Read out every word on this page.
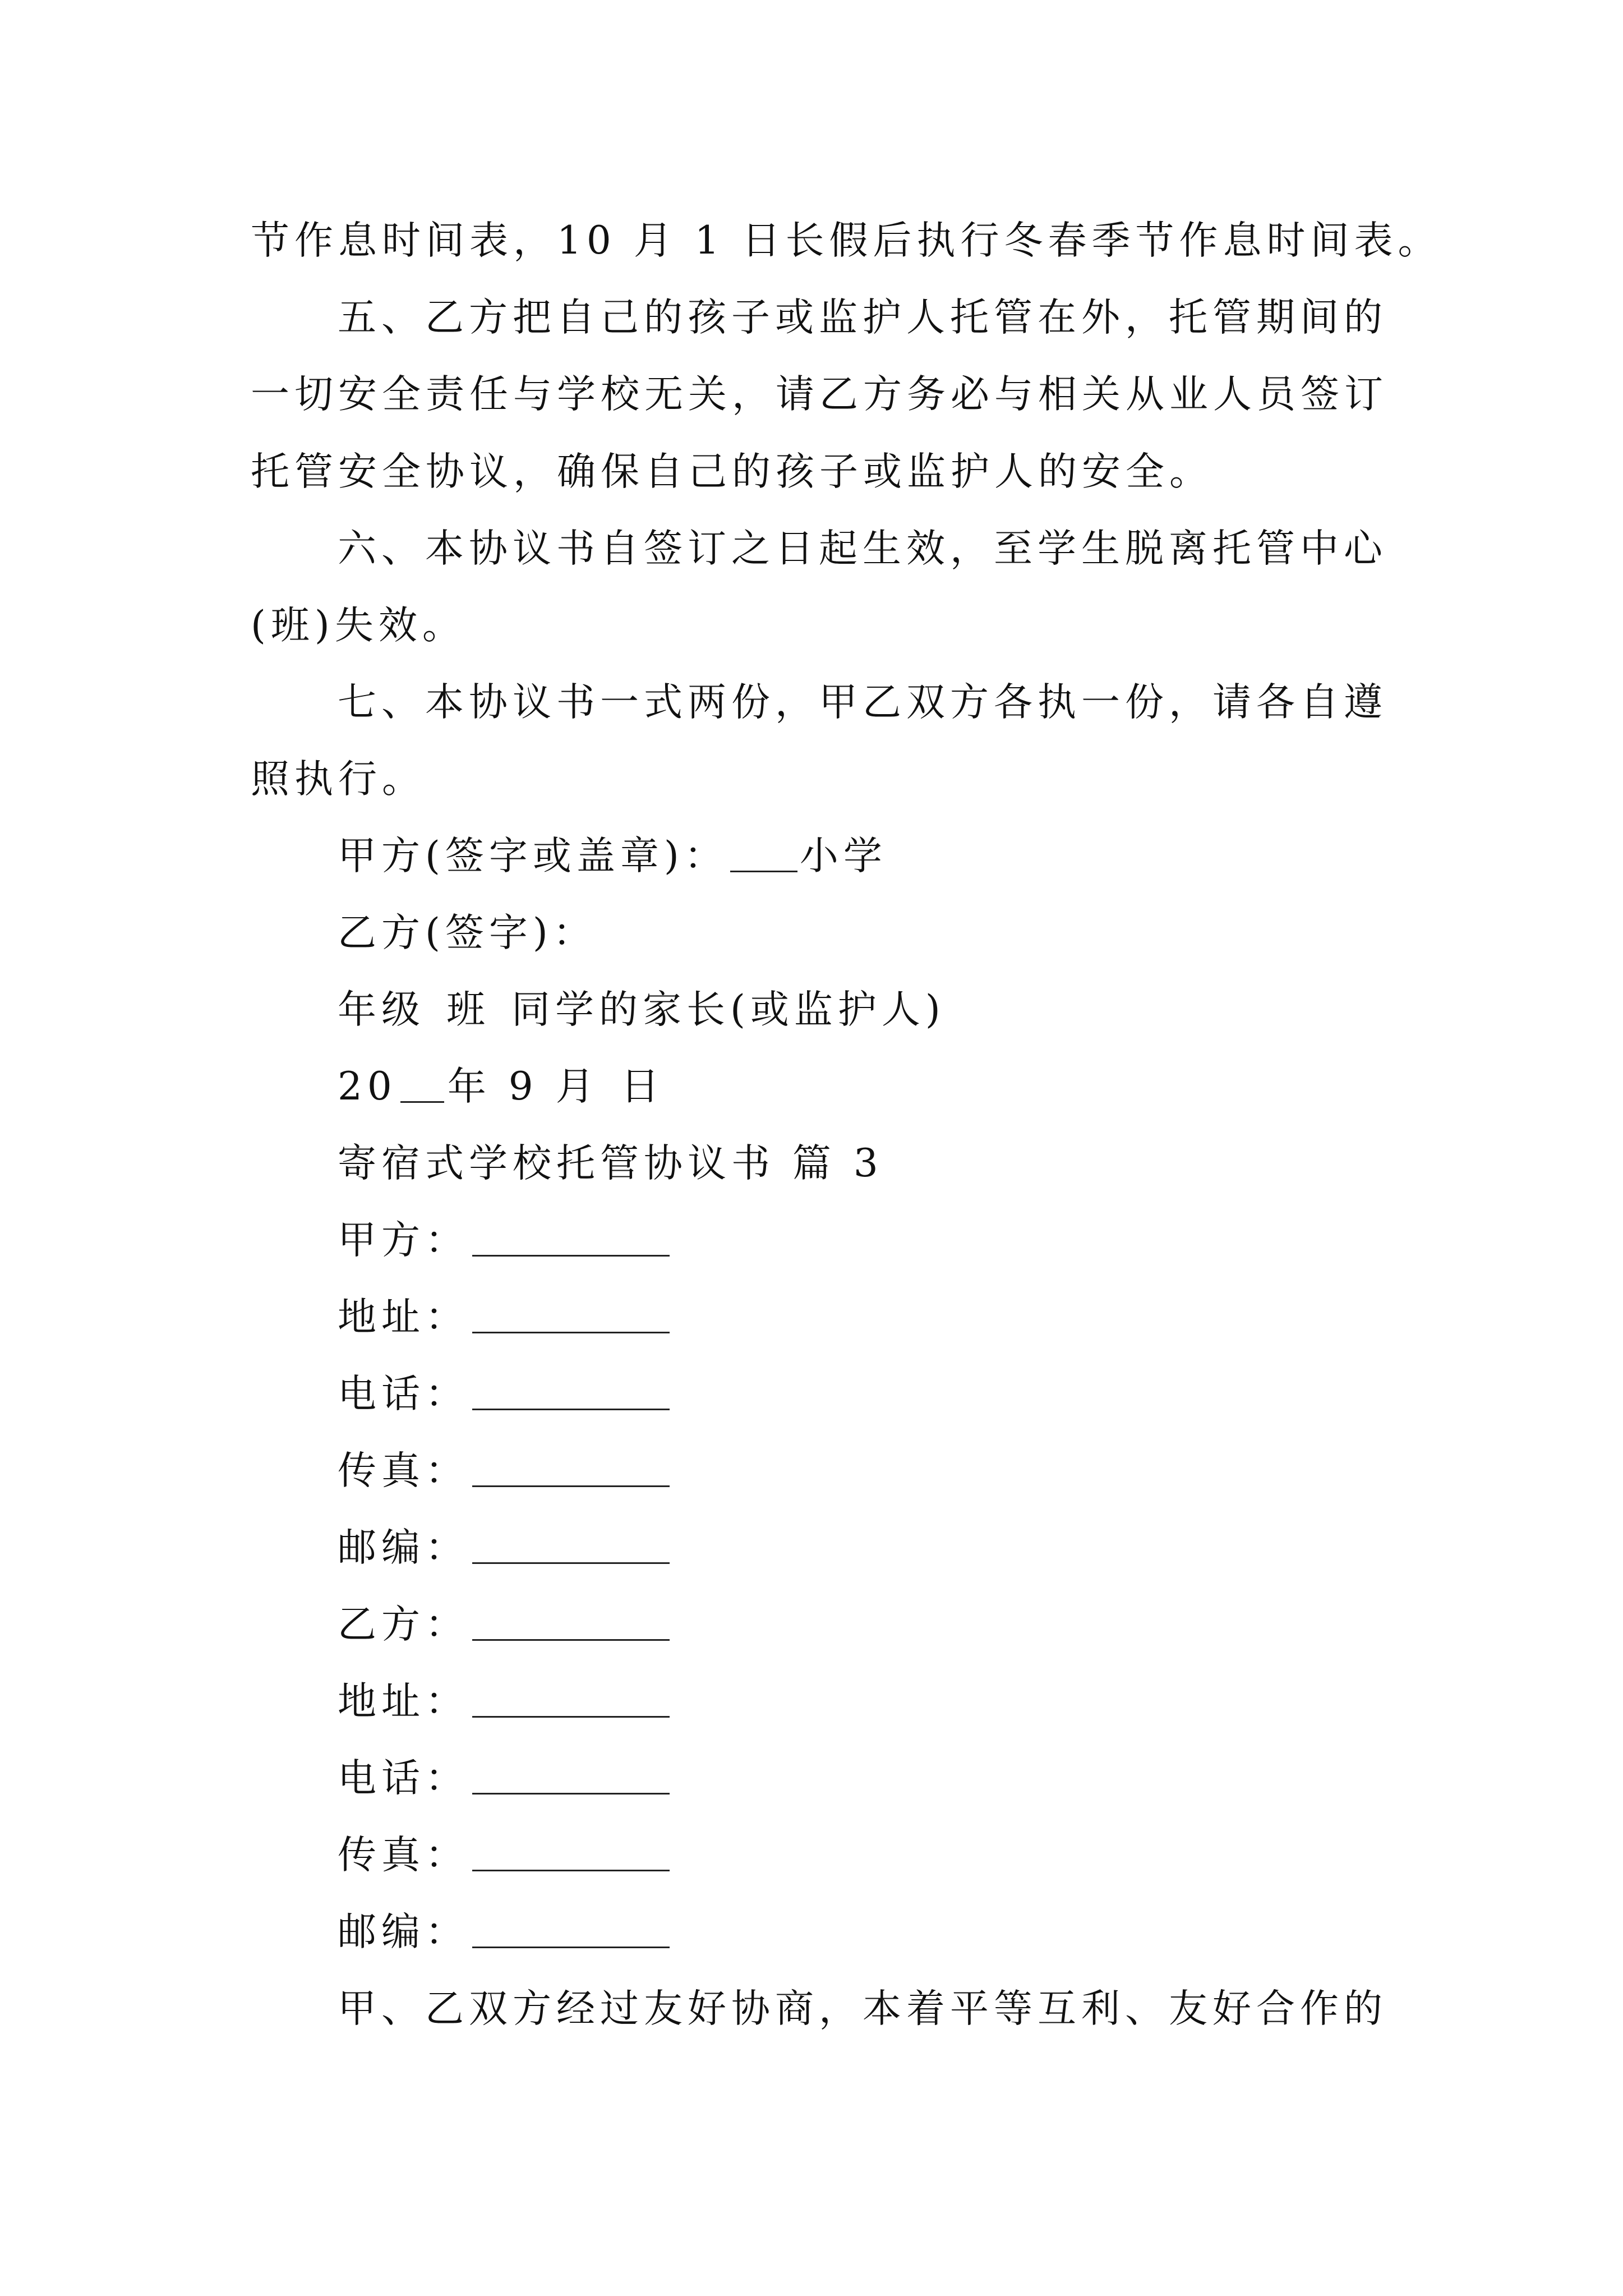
节作息时间表，10 月 1 日长假后执行冬春季节作息时间表。

五、乙方把自己的孩子或监护人托管在外，托管期间的

一切安全责任与学校无关，请乙方务必与相关从业人员签订

托管安全协议，确保自己的孩子或监护人的安全。

六、本协议书自签订之日起生效，至学生脱离托管中心

(班)失效。

七、本协议书一式两份，甲乙双方各执一份，请各自遵

照执行。

甲方(签字或盖章)： 小学

乙方(签字)：

年级 班 同学的家长(或监护人)

20 年 9 月 日

寄宿式学校托管协议书 篇 3

甲方：

地址：

电话：

传真：

邮编：

乙方：

地址：

电话：

传真：

邮编：

甲、乙双方经过友好协商，本着平等互利、友好合作的
